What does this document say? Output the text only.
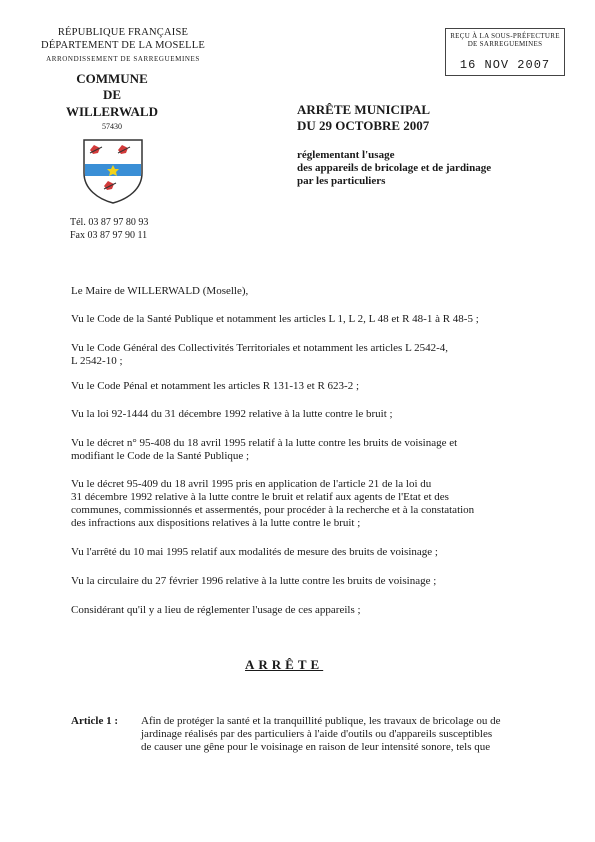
RÉPUBLIQUE FRANÇAISE
DÉPARTEMENT DE LA MOSELLE
ARRONDISSEMENT DE SARREGUEMINES
COMMUNE
DE
WILLERWALD
57430
Tél. 03 87 97 80 93
Fax 03 87 97 90 11
REÇU À LA SOUS-PRÉFECTURE
DE SARREGUEMINES
16 NOV 2007
ARRÊTE MUNICIPAL
DU 29 OCTOBRE 2007
réglementant l'usage
des appareils de bricolage et de jardinage
par les particuliers
Le Maire de WILLERWALD (Moselle),
Vu le Code de la Santé Publique et notamment les articles L 1, L 2, L 48 et R 48-1 à R 48-5 ;
Vu le Code Général des Collectivités Territoriales et notamment les articles L 2542-4,
L 2542-10 ;
Vu le Code Pénal et notamment les articles R 131-13 et R 623-2 ;
Vu la loi 92-1444 du 31 décembre 1992 relative à la lutte contre le bruit ;
Vu le décret n° 95-408 du 18 avril 1995 relatif à la lutte contre les bruits de voisinage et
modifiant le Code de la Santé Publique ;
Vu le décret 95-409 du 18 avril 1995 pris en application de l'article 21 de la loi du
31 décembre 1992 relative à la lutte contre le bruit et relatif aux agents de l'Etat et des
communes, commissionnés et assermentés, pour procéder à la recherche et à la constatation
des infractions aux dispositions relatives à la lutte contre le bruit ;
Vu l'arrêté du 10 mai 1995 relatif aux modalités de mesure des bruits de voisinage ;
Vu la circulaire du 27 février 1996 relative à la lutte contre les bruits de voisinage ;
Considérant qu'il y a lieu de réglementer l'usage de ces appareils ;
ARRÊTE
Article 1 : Afin de protéger la santé et la tranquillité publique, les travaux de bricolage ou de
jardinage réalisés par des particuliers à l'aide d'outils ou d'appareils susceptibles
de causer une gêne pour le voisinage en raison de leur intensité sonore, tels que
